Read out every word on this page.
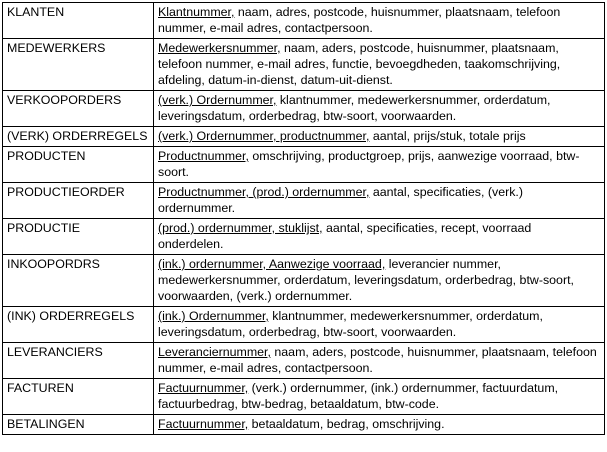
KLANTEN	Klantnummer, naam, adres, postcode, huisnummer, plaatsnaam, telefoon nummer, e-mail adres, contactpersoon.
MEDEWERKERS	Medewerkersnummer, naam, aders, postcode, huisnummer, plaatsnaam, telefoon nummer, e-mail adres, functie, bevoegdheden, taakomschrijving, afdeling, datum-in-dienst, datum-uit-dienst.
VERKOOPORDERS	(verk.) Ordernummer, klantnummer, medewerkersnummer, orderdatum, leveringsdatum, orderbedrag, btw-soort, voorwaarden.
(VERK) ORDERREGELS	(verk.) Ordernummer, productnummer, aantal, prijs/stuk, totale prijs
PRODUCTEN	Productnummer, omschrijving, productgroep, prijs, aanwezige voorraad, btw-soort.
PRODUCTIEORDER	Productnummer, (prod.) ordernummer, aantal, specificaties, (verk.) ordernummer.
PRODUCTIE	(prod.) ordernummer, stuklijst, aantal, specificaties, recept, voorraad onderdelen.
INKOOPORDRS	(ink.) ordernummer, Aanwezige voorraad, leverancier nummer, medewerkersnummer, orderdatum, leveringsdatum, orderbedrag, btw-soort, voorwaarden, (verk.) ordernummer.
(INK) ORDERREGELS	(ink.) Ordernummer, klantnummer, medewerkersnummer, orderdatum, leveringsdatum, orderbedrag, btw-soort, voorwaarden.
LEVERANCIERS	Leveranciernummer, naam, aders, postcode, huisnummer, plaatsnaam, telefoon nummer, e-mail adres, contactpersoon.
FACTUREN	Factuurnummer, (verk.) ordernummer, (ink.) ordernummer, factuurdatum, factuurbedrag, btw-bedrag, betaaldatum, btw-code.
BETALINGEN	Factuurnummer, betaaldatum, bedrag, omschrijving.
